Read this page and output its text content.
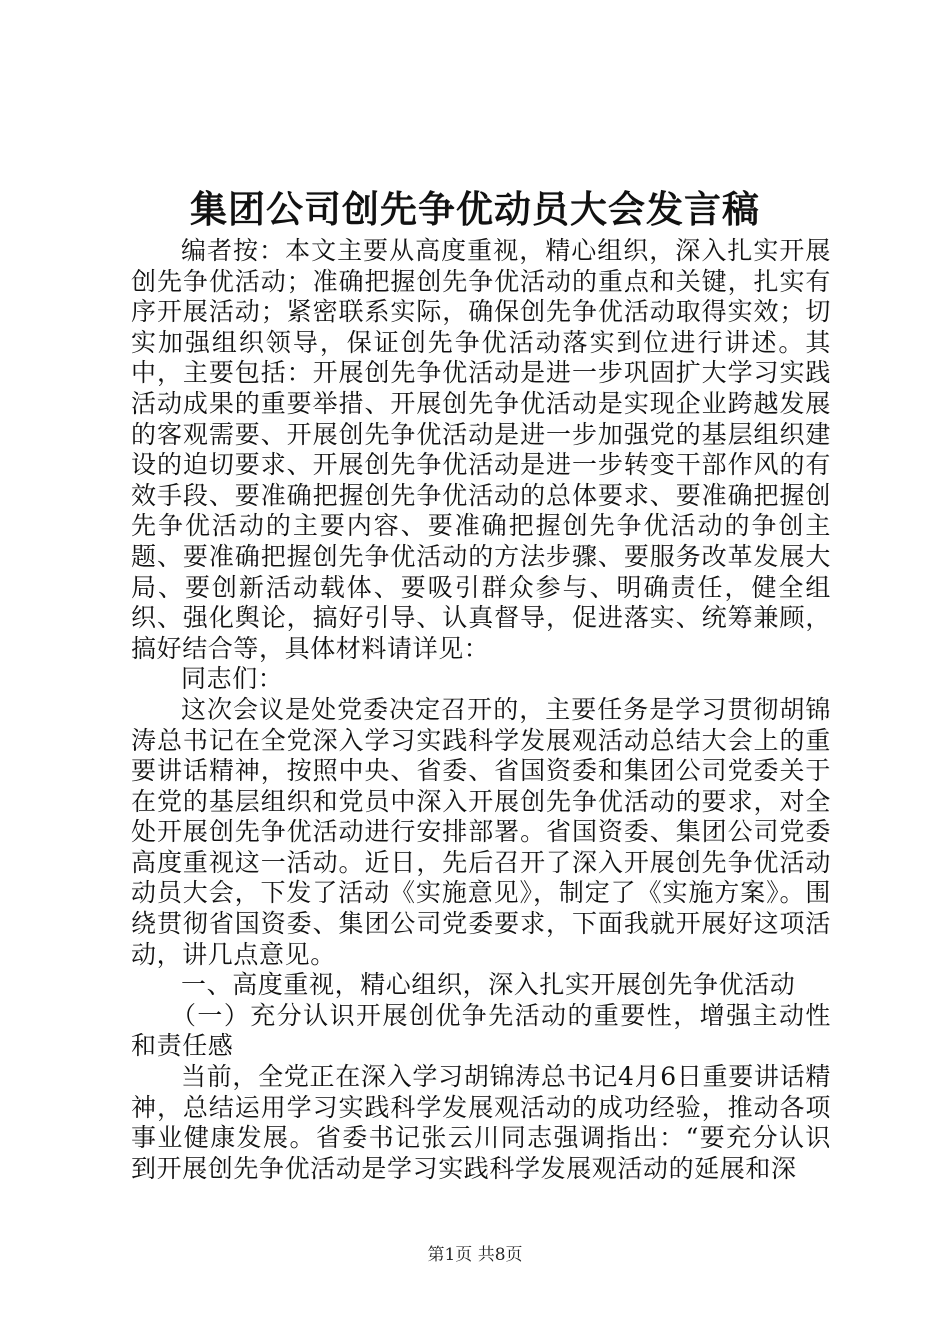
集团公司创先争优动员大会发言稿

编者按：本文主要从高度重视，精心组织，深入扎实开展创先争优活动；准确把握创先争优活动的重点和关键，扎实有序开展活动；紧密联系实际，确保创先争优活动取得实效；切实加强组织领导，保证创先争优活动落实到位进行讲述。其中，主要包括：开展创先争优活动是进一步巩固扩大学习实践活动成果的重要举措、开展创先争优活动是实现企业跨越发展的客观需要、开展创先争优活动是进一步加强党的基层组织建设的迫切要求、开展创先争优活动是进一步转变干部作风的有效手段、要准确把握创先争优活动的总体要求、要准确把握创先争优活动的主要内容、要准确把握创先争优活动的争创主题、要准确把握创先争优活动的方法步骤、要服务改革发展大局、要创新活动载体、要吸引群众参与、明确责任，健全组织、强化舆论，搞好引导、认真督导，促进落实、统筹兼顾，搞好结合等，具体材料请详见：

同志们：

这次会议是处党委决定召开的，主要任务是学习贯彻胡锦涛总书记在全党深入学习实践科学发展观活动总结大会上的重要讲话精神，按照中央、省委、省国资委和集团公司党委关于在党的基层组织和党员中深入开展创先争优活动的要求，对全处开展创先争优活动进行安排部署。省国资委、集团公司党委高度重视这一活动。近日，先后召开了深入开展创先争优活动动员大会，下发了活动《实施意见》，制定了《实施方案》。围绕贯彻省国资委、集团公司党委要求，下面我就开展好这项活动，讲几点意见。

一、高度重视，精心组织，深入扎实开展创先争优活动

（一）充分认识开展创优争先活动的重要性，增强主动性和责任感

当前，全党正在深入学习胡锦涛总书记4月6日重要讲话精神，总结运用学习实践科学发展观活动的成功经验，推动各项事业健康发展。省委书记张云川同志强调指出：“要充分认识到开展创先争优活动是学习实践科学发展观活动的延展和深

第1页 共8页
